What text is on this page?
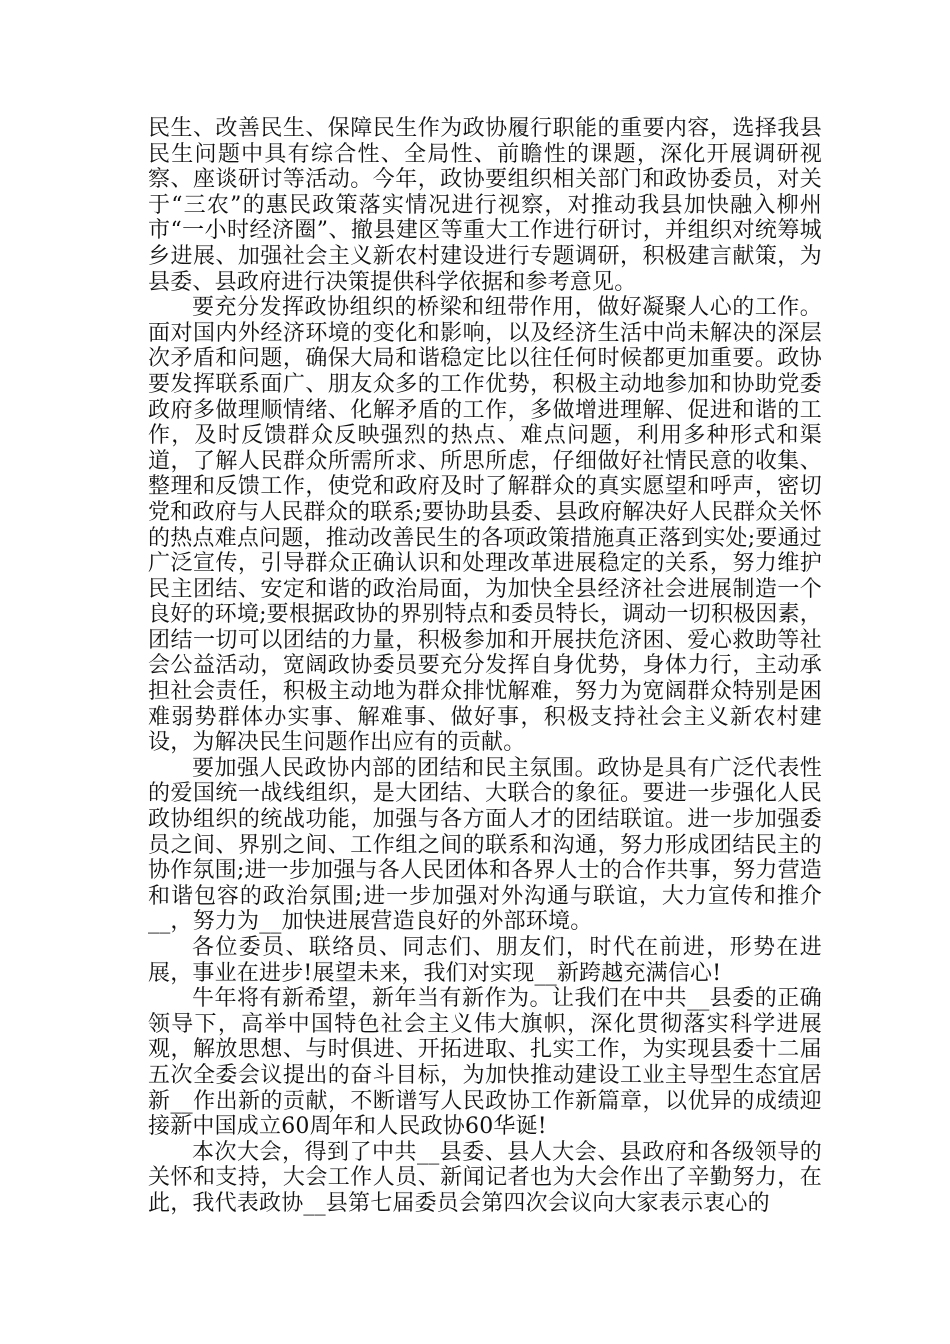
民生、改善民生、保障民生作为政协履行职能的重要内容，选择我县民生问题中具有综合性、全局性、前瞻性的课题，深化开展调研视察、座谈研讨等活动。今年，政协要组织相关部门和政协委员，对关于“三农”的惠民政策落实情况进行视察，对推动我县加快融入柳州市“一小时经济圈”、撤县建区等重大工作进行研讨，并组织对统筹城乡进展、加强社会主义新农村建设进行专题调研，积极建言献策，为县委、县政府进行决策提供科学依据和参考意见。

要充分发挥政协组织的桥梁和纽带作用，做好凝聚人心的工作。面对国内外经济环境的变化和影响，以及经济生活中尚未解决的深层次矛盾和问题，确保大局和谐稳定比以往任何时候都更加重要。政协要发挥联系面广、朋友众多的工作优势，积极主动地参加和协助党委政府多做理顺情绪、化解矛盾的工作，多做增进理解、促进和谐的工作，及时反馈群众反映强烈的热点、难点问题，利用多种形式和渠道，了解人民群众所需所求、所思所虑，仔细做好社情民意的收集、整理和反馈工作，使党和政府及时了解群众的真实愿望和呼声，密切党和政府与人民群众的联系;要协助县委、县政府解决好人民群众关怀的热点难点问题，推动改善民生的各项政策措施真正落到实处;要通过广泛宣传，引导群众正确认识和处理改革进展稳定的关系，努力维护民主团结、安定和谐的政治局面，为加快全县经济社会进展制造一个良好的环境;要根据政协的界别特点和委员特长，调动一切积极因素，团结一切可以团结的力量，积极参加和开展扶危济困、爱心救助等社会公益活动，宽阔政协委员要充分发挥自身优势，身体力行，主动承担社会责任，积极主动地为群众排忧解难，努力为宽阔群众特别是困难弱势群体办实事、解难事、做好事，积极支持社会主义新农村建设，为解决民生问题作出应有的贡献。

要加强人民政协内部的团结和民主氛围。政协是具有广泛代表性的爱国统一战线组织，是大团结、大联合的象征。要进一步强化人民政协组织的统战功能，加强与各方面人才的团结联谊。进一步加强委员之间、界别之间、工作组之间的联系和沟通，努力形成团结民主的协作氛围;进一步加强与各人民团体和各界人士的合作共事，努力营造和谐包容的政治氛围;进一步加强对外沟通与联谊，大力宣传和推介__，努力为__加快进展营造良好的外部环境。

各位委员、联络员、同志们、朋友们，时代在前进，形势在进展，事业在进步!展望未来，我们对实现__新跨越充满信心!

牛年将有新希望，新年当有新作为。让我们在中共__县委的正确领导下，高举中国特色社会主义伟大旗帜，深化贯彻落实科学进展观，解放思想、与时俱进、开拓进取、扎实工作，为实现县委十二届五次全委会议提出的奋斗目标，为加快推动建设工业主导型生态宜居新__作出新的贡献，不断谱写人民政协工作新篇章，以优异的成绩迎接新中国成立60周年和人民政协60华诞!

本次大会，得到了中共__县委、县人大会、县政府和各级领导的关怀和支持，大会工作人员、新闻记者也为大会作出了辛勤努力，在此，我代表政协__县第七届委员会第四次会议向大家表示衷心的
